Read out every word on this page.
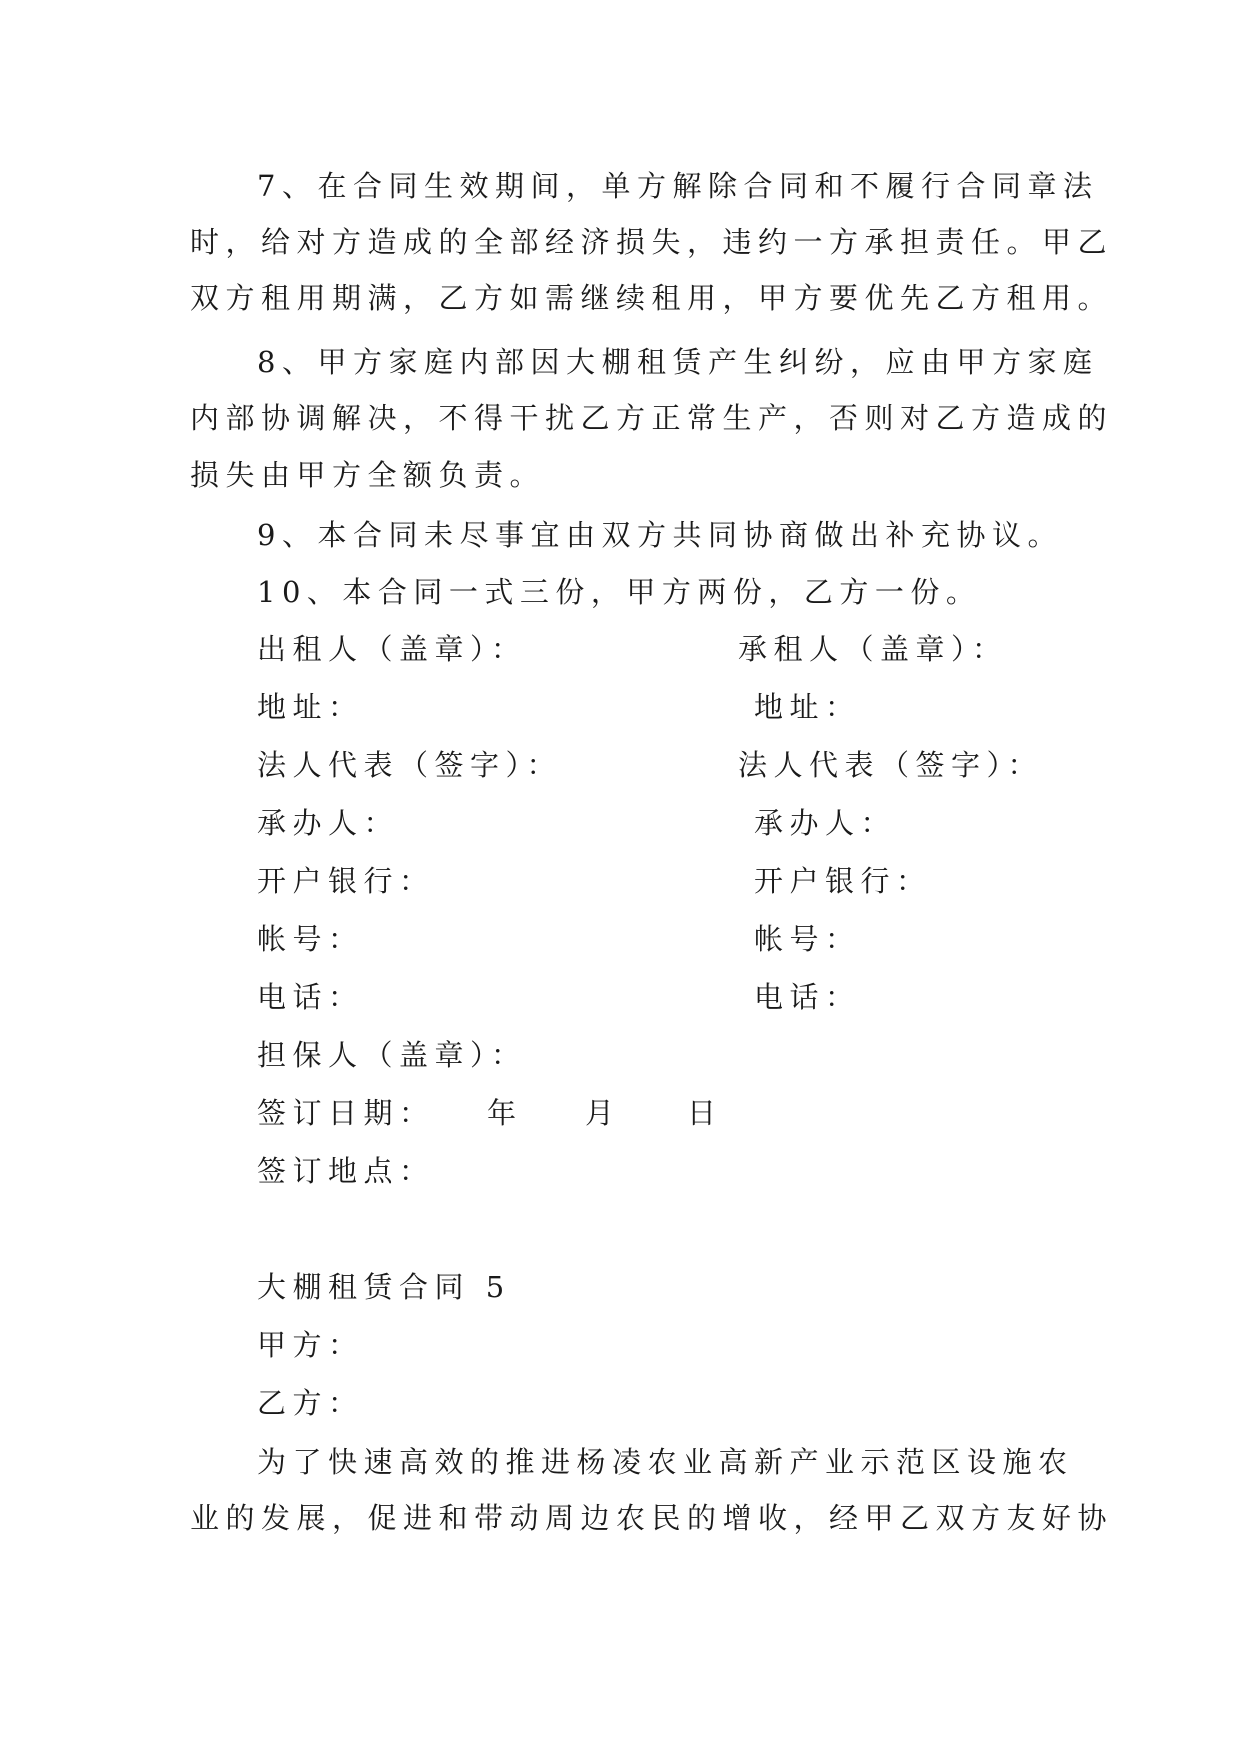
7、在合同生效期间，单方解除合同和不履行合同章法
时，给对方造成的全部经济损失，违约一方承担责任。甲乙
双方租用期满，乙方如需继续租用，甲方要优先乙方租用。
8、甲方家庭内部因大棚租赁产生纠纷，应由甲方家庭
内部协调解决，不得干扰乙方正常生产，否则对乙方造成的
损失由甲方全额负责。
9、本合同未尽事宜由双方共同协商做出补充协议。
10、本合同一式三份，甲方两份，乙方一份。
出租人（盖章）：	承租人（盖章）：
地址：	地址：
法人代表（签字）：	法人代表（签字）：
承办人：	承办人：
开户银行：	开户银行：
帐号：	帐号：
电话：	电话：
担保人（盖章）：
签订日期： 年 月 日
签订地点：
大棚租赁合同 5
甲方：
乙方：
为了快速高效的推进杨凌农业高新产业示范区设施农
业的发展，促进和带动周边农民的增收，经甲乙双方友好协
